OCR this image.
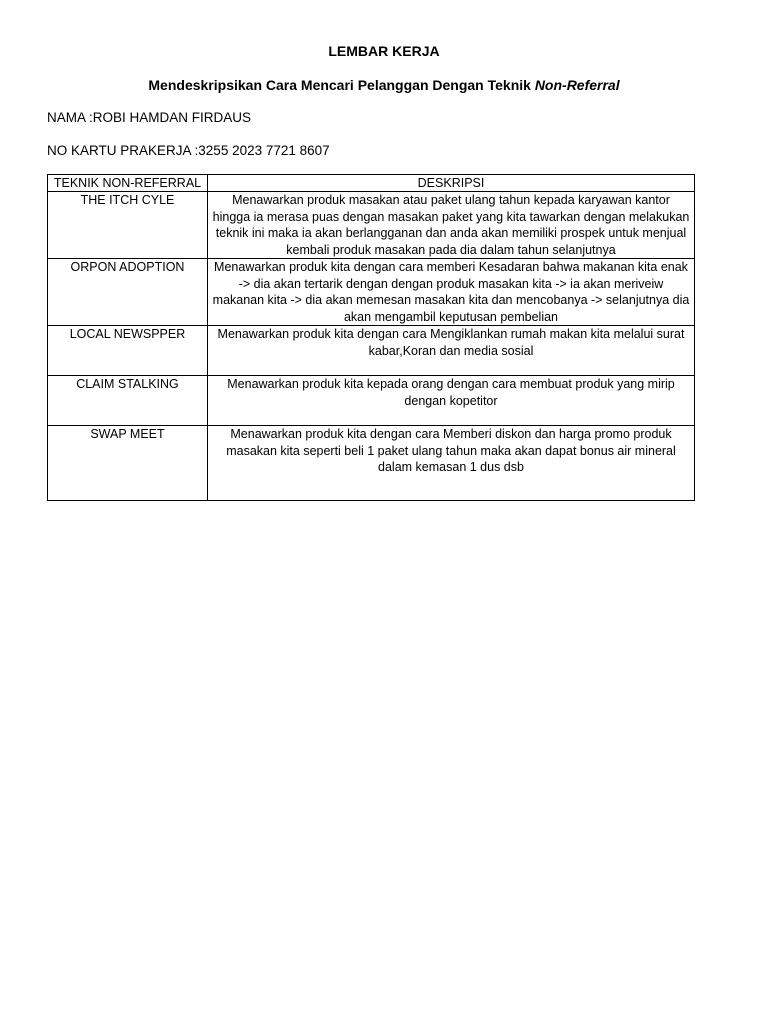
LEMBAR KERJA
Mendeskripsikan Cara Mencari Pelanggan Dengan Teknik Non-Referral
NAMA :ROBI HAMDAN FIRDAUS
NO KARTU PRAKERJA :3255 2023 7721 8607
TEKNIK NON-REFERRAL	DESKRIPSI
THE ITCH CYLE	Menawarkan produk masakan atau paket ulang tahun kepada karyawan kantor hingga ia merasa puas dengan masakan paket yang kita tawarkan dengan melakukan teknik ini maka ia akan berlangganan dan anda akan memiliki prospek untuk menjual kembali produk masakan pada dia dalam tahun selanjutnya
ORPON ADOPTION	Menawarkan produk kita dengan cara memberi Kesadaran bahwa makanan kita enak -> dia akan tertarik dengan dengan produk masakan kita -> ia akan meriveiw makanan kita -> dia akan memesan masakan kita dan mencobanya -> selanjutnya dia akan mengambil keputusan pembelian
LOCAL NEWSPPER	Menawarkan produk kita dengan cara Mengiklankan rumah makan kita melalui surat kabar,Koran dan media sosial
CLAIM STALKING	Menawarkan produk kita kepada orang dengan cara membuat produk yang mirip dengan kopetitor
SWAP MEET	Menawarkan produk kita dengan cara Memberi diskon dan harga promo produk masakan kita seperti beli 1 paket ulang tahun maka akan dapat bonus air mineral dalam kemasan 1 dus dsb
